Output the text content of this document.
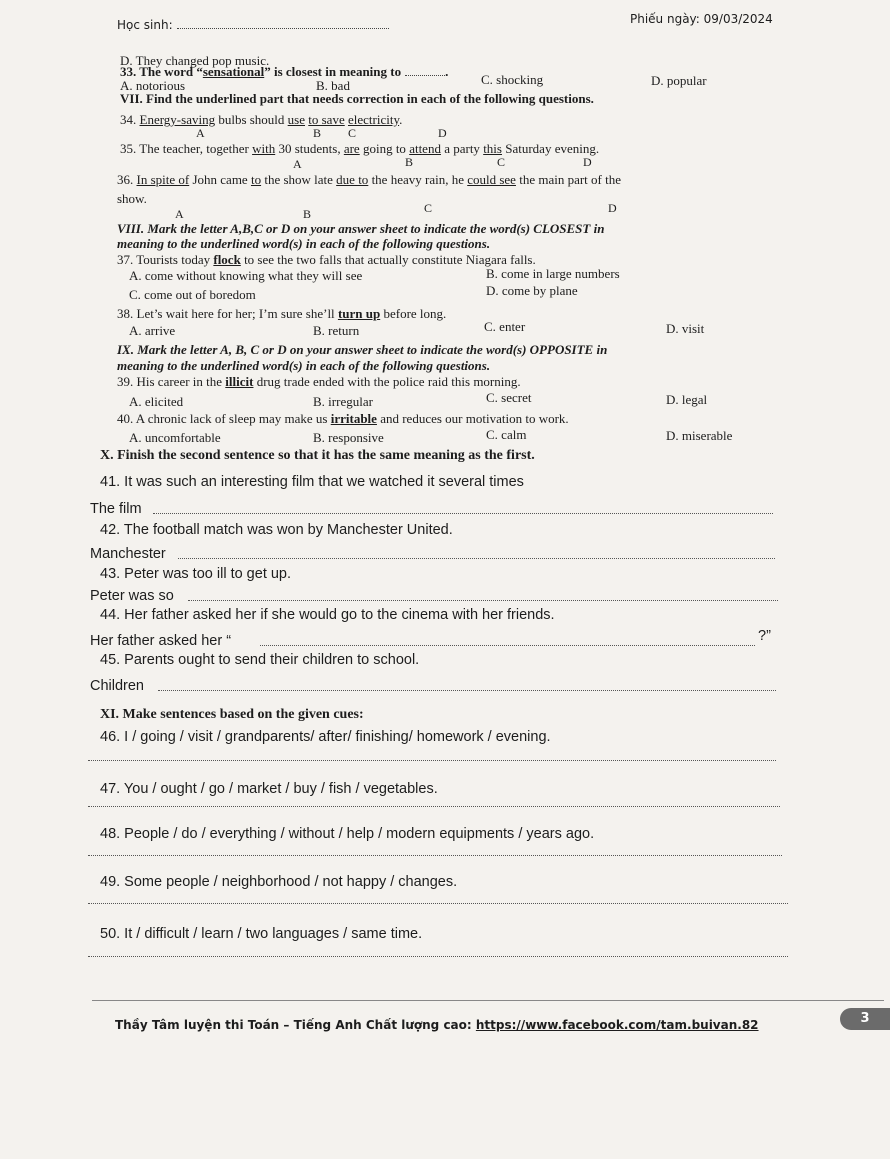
Học sinh:	Phiếu ngày: 09/03/2024
D. They changed pop music.
33. The word “sensational” is closest in meaning to	.
A. notorious	B. bad	C. shocking	D. popular
VII. Find the underlined part that needs correction in each of the following questions.
34. Energy-saving bulbs should use to save electricity.
A	B C	D
35. The teacher, together with 30 students, are going to attend a party this Saturday evening.
A	B	C	D
36. In spite of John came to the show late due to the heavy rain, he could see the main part of the
show.
A	B	C	D
VIII. Mark the letter A,B,C or D on your answer sheet to indicate the word(s) CLOSEST in
meaning to the underlined word(s) in each of the following questions.
37. Tourists today flock to see the two falls that actually constitute Niagara falls.
A. come without knowing what they will see	B. come in large numbers
C. come out of boredom	D. come by plane
38. Let’s wait here for her; I’m sure she’ll turn up before long.
A. arrive	B. return	C. enter	D. visit
IX. Mark the letter A, B, C or D on your answer sheet to indicate the word(s) OPPOSITE in
meaning to the underlined word(s) in each of the following questions.
39. His career in the illicit drug trade ended with the police raid this morning.
A. elicited	B. irregular	C. secret	D. legal
40. A chronic lack of sleep may make us irritable and reduces our motivation to work.
A. uncomfortable	B. responsive	C. calm	D. miserable
X. Finish the second sentence so that it has the same meaning as the first.
41. It was such an interesting film that we watched it several times
The film
42. The football match was won by Manchester United.
Manchester
43. Peter was too ill to get up.
Peter was so
44. Her father asked her if she would go to the cinema with her friends.
Her father asked her “	?”
45. Parents ought to send their children to school.
Children
XI. Make sentences based on the given cues:
46. I / going / visit / grandparents/ after/ finishing/ homework / evening.
47. You / ought / go / market / buy / fish / vegetables.
48. People / do / everything / without / help / modern equipments / years ago.
49. Some people / neighborhood / not happy / changes.
50. It / difficult / learn / two languages / same time.
Thầy Tâm luyện thi Toán – Tiếng Anh Chất lượng cao: https://www.facebook.com/tam.buivan.82	3
